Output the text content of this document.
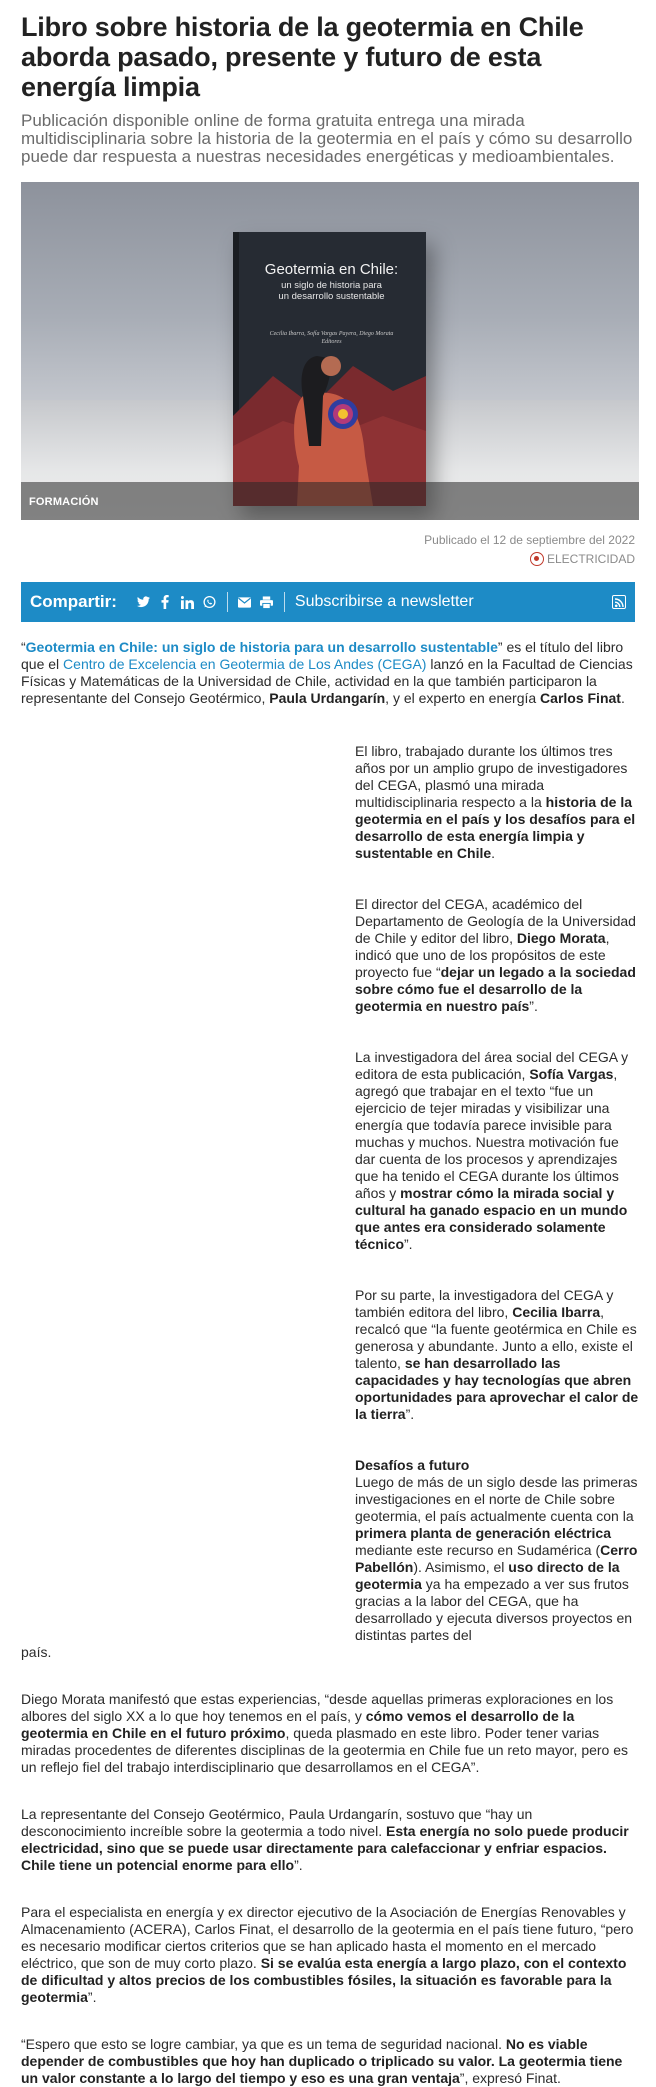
Libro sobre historia de la geotermia en Chile aborda pasado, presente y futuro de esta energía limpia
Publicación disponible online de forma gratuita entrega una mirada multidisciplinaria sobre la historia de la geotermia en el país y cómo su desarrollo puede dar respuesta a nuestras necesidades energéticas y medioambientales.
Geotermia en Chile:
un siglo de historia para
un desarrollo sustentable
Cecilia Ibarra, Sofía Vargas Payera, Diego Morata
Editores
FORMACIÓN
Publicado el 12 de septiembre del 2022
ELECTRICIDAD
Compartir:	Subscribirse a newsletter

“Geotermia en Chile: un siglo de historia para un desarrollo sustentable” es el título del libro que el Centro de Excelencia en Geotermia de Los Andes (CEGA) lanzó en la Facultad de Ciencias Físicas y Matemáticas de la Universidad de Chile, actividad en la que también participaron la representante del Consejo Geotérmico, Paula Urdangarín, y el experto en energía Carlos Finat.

El libro, trabajado durante los últimos tres años por un amplio grupo de investigadores del CEGA, plasmó una mirada multidisciplinaria respecto a la historia de la geotermia en el país y los desafíos para el desarrollo de esta energía limpia y sustentable en Chile.

El director del CEGA, académico del Departamento de Geología de la Universidad de Chile y editor del libro, Diego Morata, indicó que uno de los propósitos de este proyecto fue “dejar un legado a la sociedad sobre cómo fue el desarrollo de la geotermia en nuestro país”.

La investigadora del área social del CEGA y editora de esta publicación, Sofía Vargas, agregó que trabajar en el texto “fue un ejercicio de tejer miradas y visibilizar una energía que todavía parece invisible para muchas y muchos. Nuestra motivación fue dar cuenta de los procesos y aprendizajes que ha tenido el CEGA durante los últimos años y mostrar cómo la mirada social y cultural ha ganado espacio en un mundo que antes era considerado solamente técnico”.

Por su parte, la investigadora del CEGA y también editora del libro, Cecilia Ibarra, recalcó que “la fuente geotérmica en Chile es generosa y abundante. Junto a ello, existe el talento, se han desarrollado las capacidades y hay tecnologías que abren oportunidades para aprovechar el calor de la tierra”.

Desafíos a futuro
Luego de más de un siglo desde las primeras investigaciones en el norte de Chile sobre geotermia, el país actualmente cuenta con la primera planta de generación eléctrica mediante este recurso en Sudamérica (Cerro Pabellón). Asimismo, el uso directo de la geotermia ya ha empezado a ver sus frutos gracias a la labor del CEGA, que ha desarrollado y ejecuta diversos proyectos en distintas partes del

país.

Diego Morata manifestó que estas experiencias, “desde aquellas primeras exploraciones en los albores del siglo XX a lo que hoy tenemos en el país, y cómo vemos el desarrollo de la geotermia en Chile en el futuro próximo, queda plasmado en este libro. Poder tener varias miradas procedentes de diferentes disciplinas de la geotermia en Chile fue un reto mayor, pero es un reflejo fiel del trabajo interdisciplinario que desarrollamos en el CEGA”.

La representante del Consejo Geotérmico, Paula Urdangarín, sostuvo que “hay un desconocimiento increíble sobre la geotermia a todo nivel. Esta energía no solo puede producir electricidad, sino que se puede usar directamente para calefaccionar y enfriar espacios. Chile tiene un potencial enorme para ello”.

Para el especialista en energía y ex director ejecutivo de la Asociación de Energías Renovables y Almacenamiento (ACERA), Carlos Finat, el desarrollo de la geotermia en el país tiene futuro, “pero es necesario modificar ciertos criterios que se han aplicado hasta el momento en el mercado eléctrico, que son de muy corto plazo. Si se evalúa esta energía a largo plazo, con el contexto de dificultad y altos precios de los combustibles fósiles, la situación es favorable para la geotermia”.

“Espero que esto se logre cambiar, ya que es un tema de seguridad nacional. No es viable depender de combustibles que hoy han duplicado o triplicado su valor. La geotermia tiene un valor constante a lo largo del tiempo y eso es una gran ventaja”, expresó Finat.
